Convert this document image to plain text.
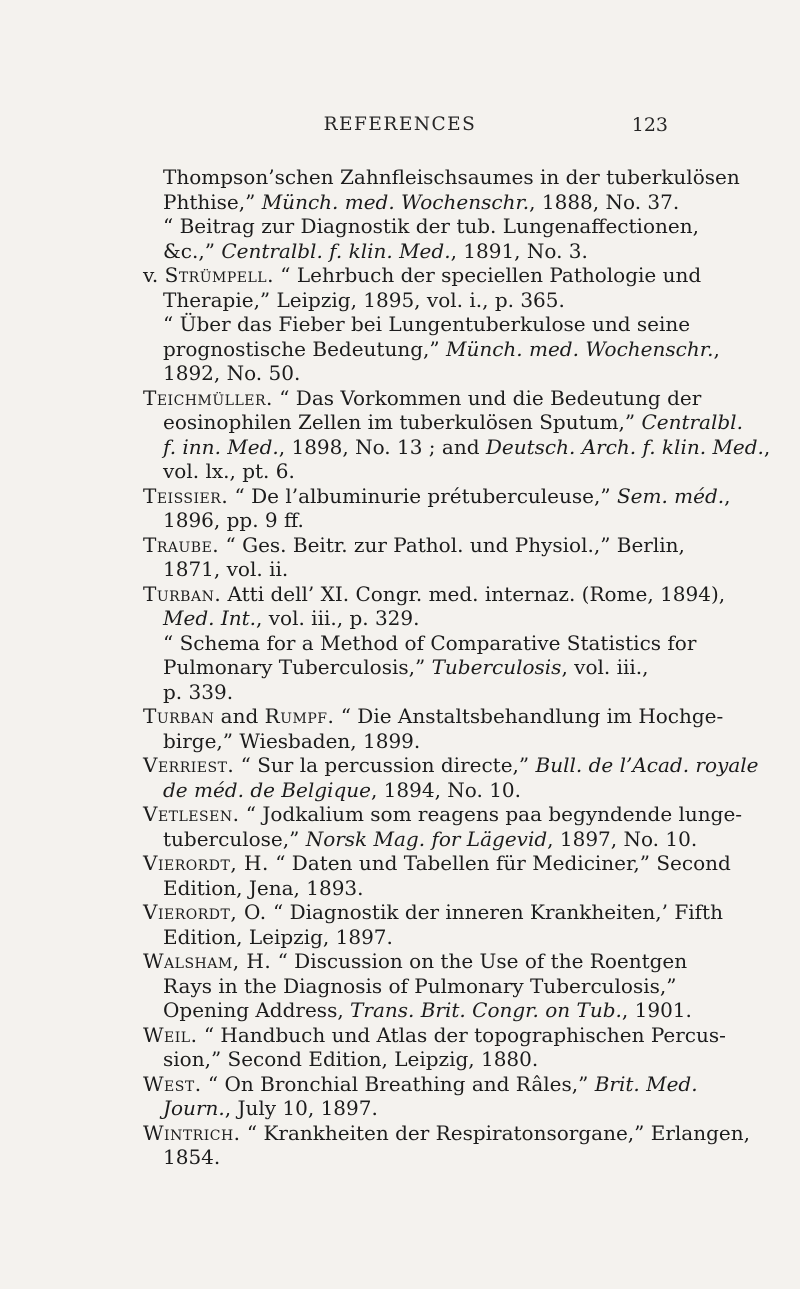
REFERENCES	123
Thompson’schen Zahnfleischsaumes in der tuberkulösen
Phthise,” Münch. med. Wochenschr., 1888, No. 37.
“ Beitrag zur Diagnostik der tub. Lungenaffectionen,
&c.,” Centralbl. f. klin. Med., 1891, No. 3.
v. Strümpell. “ Lehrbuch der speciellen Pathologie und
Therapie,” Leipzig, 1895, vol. i., p. 365.
“ Über das Fieber bei Lungentuberkulose und seine
prognostische Bedeutung,” Münch. med. Wochenschr.,
1892, No. 50.
Teichmüller. “ Das Vorkommen und die Bedeutung der
eosinophilen Zellen im tuberkulösen Sputum,” Centralbl.
f. inn. Med., 1898, No. 13 ; and Deutsch. Arch. f. klin. Med.,
vol. lx., pt. 6.
Teissier. “ De l’albuminurie prétuberculeuse,” Sem. méd.,
1896, pp. 9 ff.
Traube. “ Ges. Beitr. zur Pathol. und Physiol.,” Berlin,
1871, vol. ii.
Turban. Atti dell’ XI. Congr. med. internaz. (Rome, 1894),
Med. Int., vol. iii., p. 329.
“ Schema for a Method of Comparative Statistics for
Pulmonary Tuberculosis,” Tuberculosis, vol. iii.,
p. 339.
Turban and Rumpf. “ Die Anstaltsbehandlung im Hochge-
birge,” Wiesbaden, 1899.
Verriest. “ Sur la percussion directe,” Bull. de l’Acad. royale
de méd. de Belgique, 1894, No. 10.
Vetlesen. “ Jodkalium som reagens paa begyndende lunge-
tuberculose,” Norsk Mag. for Lägevid, 1897, No. 10.
Vierordt, H. “ Daten und Tabellen für Mediciner,” Second
Edition, Jena, 1893.
Vierordt, O. “ Diagnostik der inneren Krankheiten,’ Fifth
Edition, Leipzig, 1897.
Walsham, H. “ Discussion on the Use of the Roentgen
Rays in the Diagnosis of Pulmonary Tuberculosis,”
Opening Address, Trans. Brit. Congr. on Tub., 1901.
Weil. “ Handbuch und Atlas der topographischen Percus-
sion,” Second Edition, Leipzig, 1880.
West. “ On Bronchial Breathing and Râles,” Brit. Med.
Journ., July 10, 1897.
Wintrich. “ Krankheiten der Respiratonsorgane,” Erlangen,
1854.
